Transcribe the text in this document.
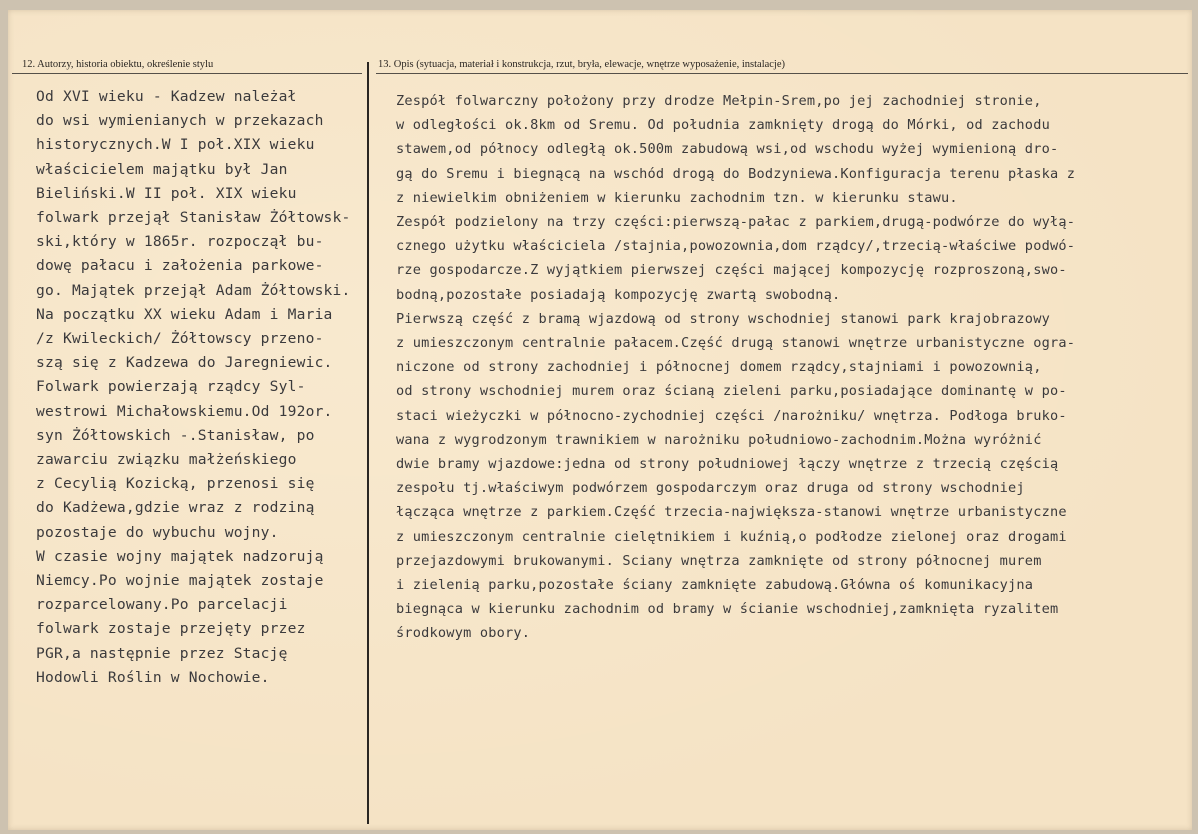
12. Autorzy, historia obiektu, określenie stylu	13. Opis (sytuacja, materiał i konstrukcja, rzut, bryła, elewacje, wnętrze wyposażenie, instalacje)
Od XVI wieku - Kadzew należał
do wsi wymienianych w przekazach
historycznych.W I poł.XIX wieku
właścicielem majątku był Jan
Bieliński.W II poł. XIX wieku
folwark przejął Stanisław Żółtowsk-
ski,który w 1865r. rozpoczął bu-
dowę pałacu i założenia parkowe-
go. Majątek przejął Adam Żółtowski.
Na początku XX wieku Adam i Maria
/z Kwileckich/ Żółtowscy przeno-
szą się z Kadzewa do Jaregniewic.
Folwark powierzają rządcy Syl-
westrowi Michałowskiemu.Od 192or.
syn Żółtowskich -.Stanisław, po
zawarciu związku małżeńskiego
z Cecylią Kozicką, przenosi się
do Kadżewa,gdzie wraz z rodziną
pozostaje do wybuchu wojny.
W czasie wojny majątek nadzorują
Niemcy.Po wojnie majątek zostaje
rozparcelowany.Po parcelacji
folwark zostaje przejęty przez
PGR,a następnie przez Stację
Hodowli Roślin w Nochowie.
Zespół folwarczny położony przy drodze Mełpin-Srem,po jej zachodniej stronie,
w odległości ok.8km od Sremu. Od południa zamknięty drogą do Mórki, od zachodu
stawem,od północy odległą ok.500m zabudową wsi,od wschodu wyżej wymienioną dro-
gą do Sremu i biegnącą na wschód drogą do Bodzyniewa.Konfiguracja terenu płaska z
z niewielkim obniżeniem w kierunku zachodnim tzn. w kierunku stawu.
Zespół podzielony na trzy części:pierwszą-pałac z parkiem,drugą-podwórze do wyłą-
cznego użytku właściciela /stajnia,powozownia,dom rządcy/,trzecią-właściwe podwó-
rze gospodarcze.Z wyjątkiem pierwszej części mającej kompozycję rozproszoną,swo-
bodną,pozostałe posiadają kompozycję zwartą swobodną.
Pierwszą część z bramą wjazdową od strony wschodniej stanowi park krajobrazowy
z umieszczonym centralnie pałacem.Część drugą stanowi wnętrze urbanistyczne ogra-
niczone od strony zachodniej i północnej domem rządcy,stajniami i powozownią,
od strony wschodniej murem oraz ścianą zieleni parku,posiadające dominantę w po-
staci wieżyczki w północno-zychodniej części /narożniku/ wnętrza. Podłoga bruko-
wana z wygrodzonym trawnikiem w narożniku południowo-zachodnim.Można wyróżnić
dwie bramy wjazdowe:jedna od strony południowej łączy wnętrze z trzecią częścią
zespołu tj.właściwym podwórzem gospodarczym oraz druga od strony wschodniej
łącząca wnętrze z parkiem.Część trzecia-największa-stanowi wnętrze urbanistyczne
z umieszczonym centralnie cielętnikiem i kuźnią,o podłodze zielonej oraz drogami
przejazdowymi brukowanymi. Sciany wnętrza zamknięte od strony północnej murem
i zielenią parku,pozostałe ściany zamknięte zabudową.Główna oś komunikacyjna
biegnąca w kierunku zachodnim od bramy w ścianie wschodniej,zamknięta ryzalitem
środkowym obory.
